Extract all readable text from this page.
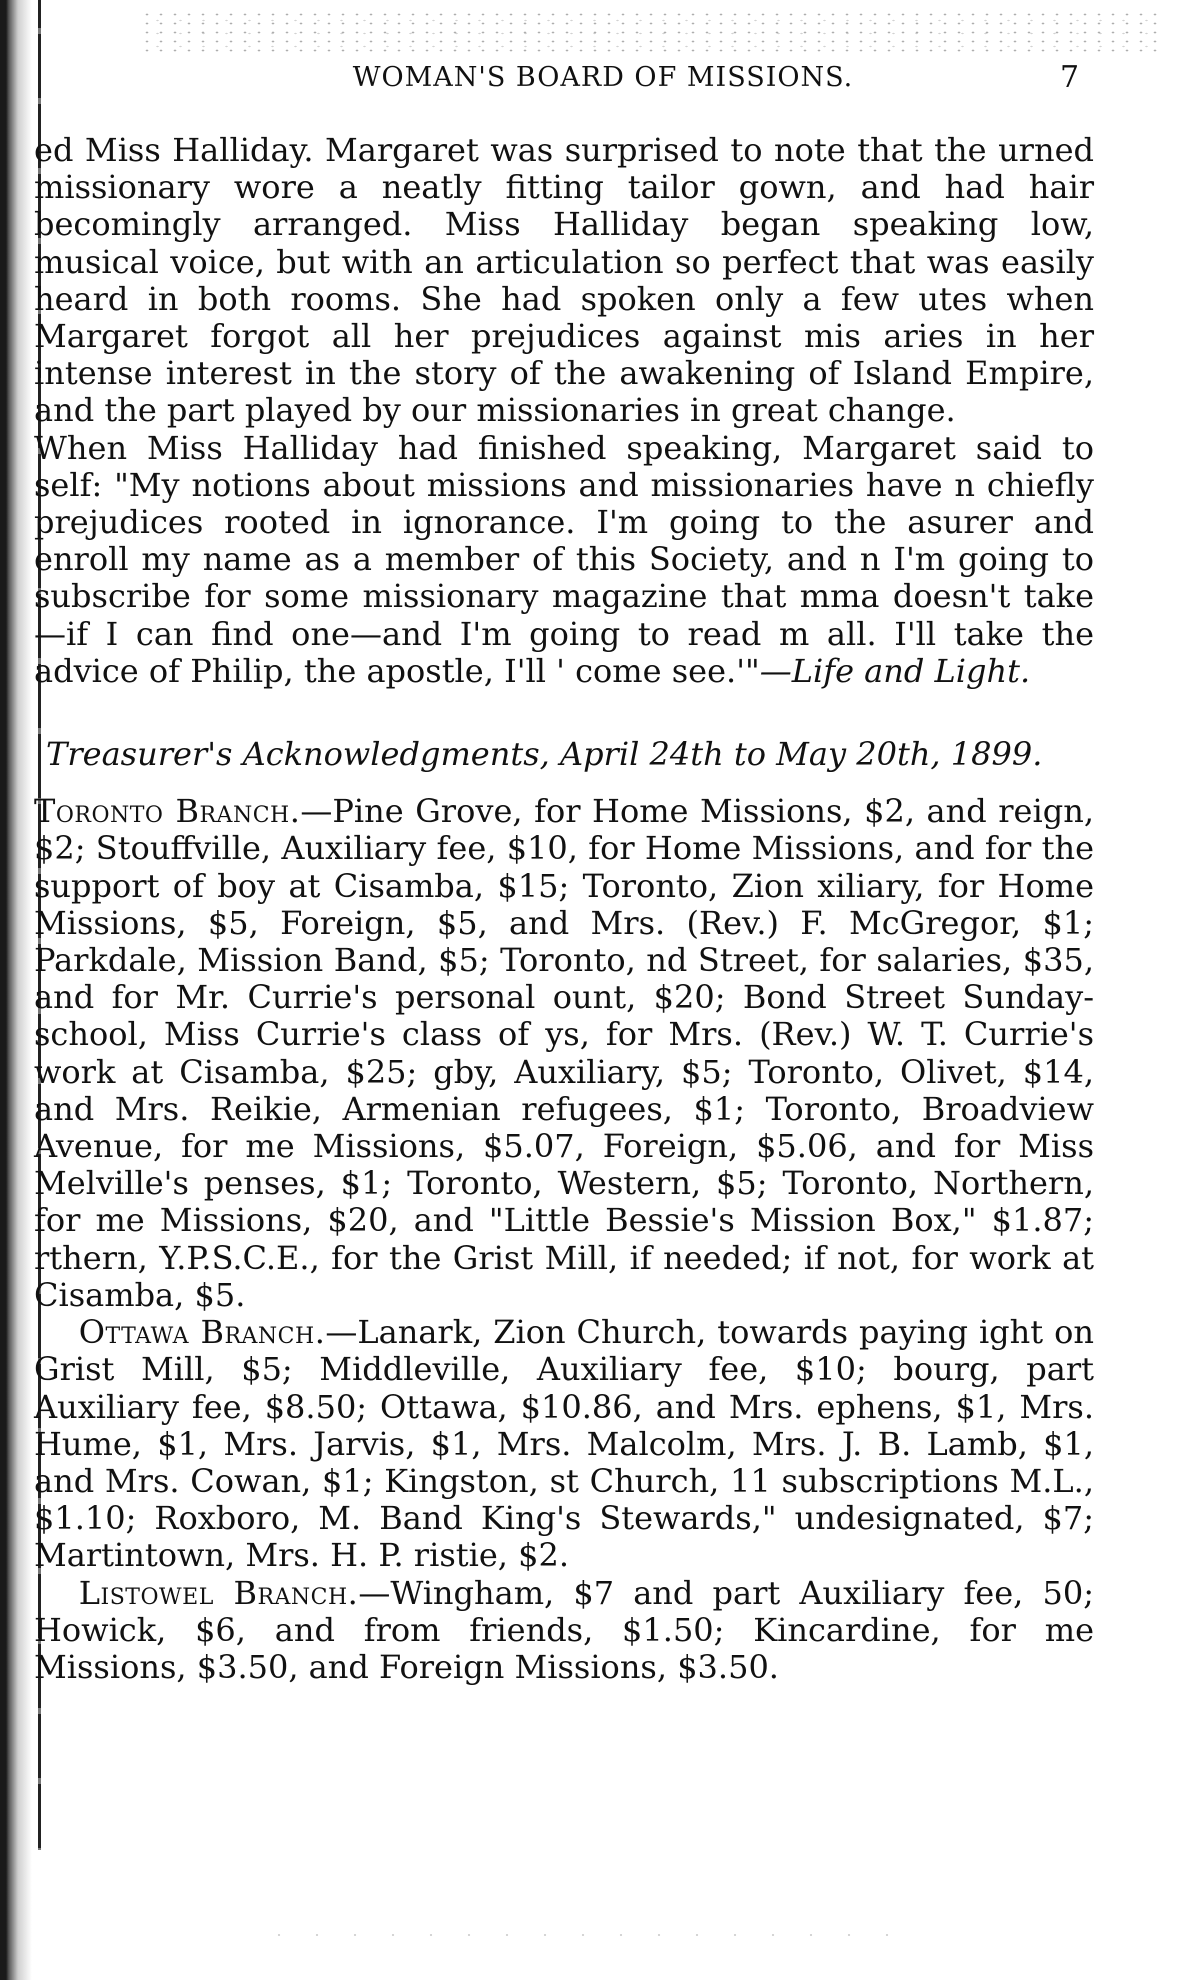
WOMAN'S BOARD OF MISSIONS.	7

ed Miss Halliday. Margaret was surprised to note that the urned missionary wore a neatly fitting tailor gown, and had hair becomingly arranged. Miss Halliday began speaking low, musical voice, but with an articulation so perfect that was easily heard in both rooms. She had spoken only a few utes when Margaret forgot all her prejudices against mis aries in her intense interest in the story of the awakening of Island Empire, and the part played by our missionaries in great change.

When Miss Halliday had finished speaking, Margaret said to self: "My notions about missions and missionaries have n chiefly prejudices rooted in ignorance. I'm going to the asurer and enroll my name as a member of this Society, and n I'm going to subscribe for some missionary magazine that mma doesn't take—if I can find one—and I'm going to read m all. I'll take the advice of Philip, the apostle, I'll ' come see.'"—Life and Light.

Treasurer's Acknowledgments, April 24th to May 20th, 1899.

Toronto Branch.—Pine Grove, for Home Missions, $2, and reign, $2; Stouffville, Auxiliary fee, $10, for Home Missions, and for the support of boy at Cisamba, $15; Toronto, Zion xiliary, for Home Missions, $5, Foreign, $5, and Mrs. (Rev.) F. McGregor, $1; Parkdale, Mission Band, $5; Toronto, nd Street, for salaries, $35, and for Mr. Currie's personal ount, $20; Bond Street Sunday-school, Miss Currie's class of ys, for Mrs. (Rev.) W. T. Currie's work at Cisamba, $25; gby, Auxiliary, $5; Toronto, Olivet, $14, and Mrs. Reikie, Armenian refugees, $1; Toronto, Broadview Avenue, for me Missions, $5.07, Foreign, $5.06, and for Miss Melville's penses, $1; Toronto, Western, $5; Toronto, Northern, for me Missions, $20, and "Little Bessie's Mission Box," $1.87; rthern, Y.P.S.C.E., for the Grist Mill, if needed; if not, for work at Cisamba, $5.

Ottawa Branch.—Lanark, Zion Church, towards paying ight on Grist Mill, $5; Middleville, Auxiliary fee, $10; bourg, part Auxiliary fee, $8.50; Ottawa, $10.86, and Mrs. ephens, $1, Mrs. Hume, $1, Mrs. Jarvis, $1, Mrs. Malcolm, Mrs. J. B. Lamb, $1, and Mrs. Cowan, $1; Kingston, st Church, 11 subscriptions M.L., $1.10; Roxboro, M. Band King's Stewards," undesignated, $7; Martintown, Mrs. H. P. ristie, $2.

Listowel Branch.—Wingham, $7 and part Auxiliary fee, 50; Howick, $6, and from friends, $1.50; Kincardine, for me Missions, $3.50, and Foreign Missions, $3.50.
